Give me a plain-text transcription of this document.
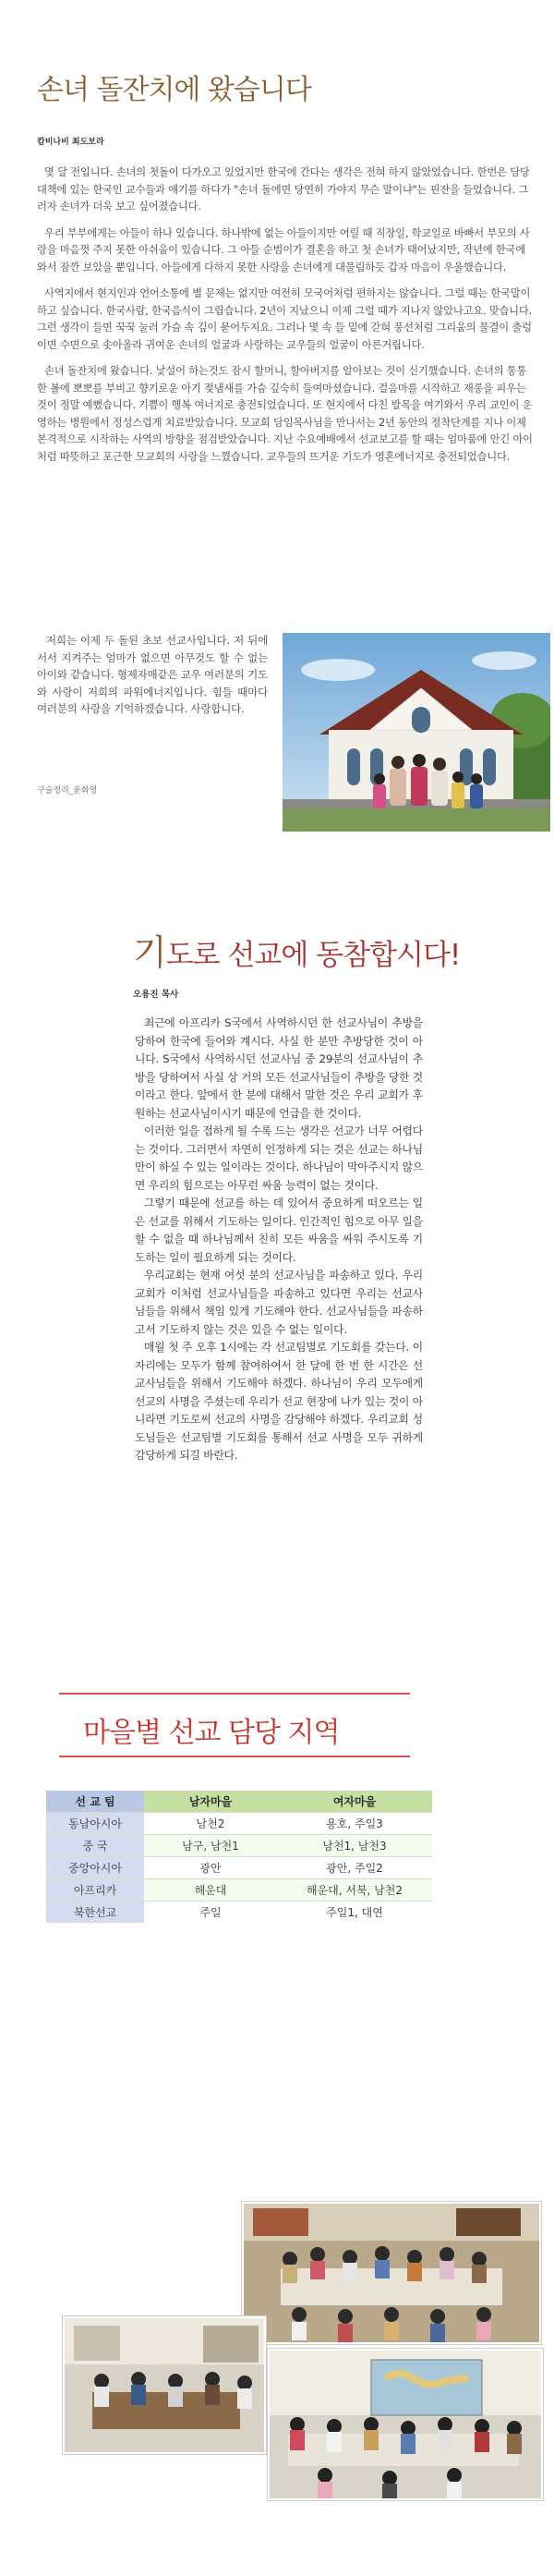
손녀 돌잔치에 왔습니다
캄비나비 최도보라

몇 달 전입니다. 손녀의 첫돌이 다가오고 있었지만 한국에 간다는 생각은 전혀 하지 않았었습니다. 한번은 담당대책에 있는 한국인 교수들과 얘기를 하다가 "손녀 돌에면 당연히 가야지 무슨 말이냐"는 핀잔을 들었습니다. 그러자 손녀가 더욱 보고 싶어졌습니다.

우리 부부에게는 아들이 하나 있습니다. 하나밖에 없는 아들이지만 어릴 때 직장일, 학교일로 바빠서 부모의 사랑을 마음껏 주지 못한 아쉬움이 있습니다. 그 아들 순범이가 결혼을 하고 첫 손녀가 태어났지만, 작년에 한국에 와서 잠깐 보았을 뿐입니다. 아들에게 다하지 못한 사랑을 손녀에게 대물림하듯 갑자 마음이 우울했습니다.

사역지에서 현지인과 언어소통에 별 문제는 없지만 여전히 모국어처럼 편하지는 않습니다. 그럴 때는 한국말이 하고 싶습니다. 한국사람, 한국음식이 그립습니다. 2년이 지났으니 이제 그럴 때가 지나지 않았나고요. 맞습니다. 그런 생각이 들면 꾹꾹 눌러 가슴 속 깊이 묻어두지요. 그러나 몇 속 들 밑에 갇혀 풍선처럼 그리움의 물결이 출렁이면 수면으로 솟아올라 귀여운 손녀의 얼굴과 사랑하는 교우들의 얼굴이 아른거립니다.

손녀 돌잔치에 왔습니다. 낯설어 하는것도 잠시 할머니, 할아버지를 알아보는 것이 신기했습니다. 손녀의 통통한 볼에 뽀뽀를 부비고 향기로운 아기 젖냄새를 가슴 깊숙히 들여마셨습니다. 걸음마를 시작하고 재롱을 피우는 것이 정말 예뻤습니다. 기쁨이 행복 여너지로 충전되었습니다. 또 현지에서 다친 발목을 여기와서 우리 교인이 운영하는 병원에서 정성스럽게 치료받았습니다. 모교회 담임목사님을 만나서는 2년 동안의 정착단계를 지나 이제 본격적으로 시작하는 사역의 방향을 점검받았습니다. 지난 수요예배에서 선교보고를 할 때는 엄마품에 안긴 아이처럼 따뜻하고 포근한 모교회의 사랑을 느꼈습니다. 교우들의 뜨거운 기도가 영혼에너지로 충전되었습니다.

저희는 이제 두 돌된 초보 선교사입니다. 저 뒤에 서서 지켜주는 엄마가 없으면 아무것도 할 수 없는 아이와 같습니다. 형제자매같은 교우 여러분의 기도와 사랑이 저희의 파워에너지입니다. 힘들 때마다 여러분의 사랑을 기억하겠습니다. 사랑합니다.

구술정리_윤화영
기도로 선교에 동참합시다!
오용진 목사

최근에 아프리카 S국에서 사역하시던 한 선교사님이 추방을 당하여 한국에 들어와 계시다. 사실 한 분만 추방당한 것이 아니다. S국에서 사역하시던 선교사님 중 29분의 선교사님이 추방을 당하여서 사실 상 거의 모든 선교사님들이 추방을 당한 것이라고 한다. 앞에서 한 분에 대해서 말한 것은 우리 교회가 후원하는 선교사님이시기 때문에 언급을 한 것이다.

이러한 일을 접하게 될 수록 드는 생각은 선교가 너무 어렵다는 것이다. 그러면서 자연히 인정하게 되는 것은 선교는 하나님만이 하실 수 있는 일이라는 것이다. 하나님이 막아주시지 않으면 우리의 힘으로는 아무런 싸움 능력이 없는 것이다.

그렇기 때문에 선교를 하는 데 있어서 중요하게 떠오르는 일은 선교를 위해서 기도하는 일이다. 인간적인 힘으로 아무 일을 할 수 없을 때 하나님께서 친히 모든 싸움을 싸워 주시도록 기도하는 일이 필요하게 되는 것이다.

우리교회는 현재 여섯 분의 선교사님을 파송하고 있다. 우리교회가 이처럼 선교사님들을 파송하고 있다면 우리는 선교사님들을 위해서 책임 있게 기도해야 한다. 선교사님들을 파송하고서 기도하지 않는 것은 있을 수 없는 일이다.

매월 첫 주 오후 1시에는 각 선교팀별로 기도회를 갖는다. 이 자리에는 모두가 함께 참여하여서 한 달에 한 번 한 시간은 선교사님들을 위해서 기도해야 하겠다. 하나님이 우리 모두에게 선교의 사명을 주셨는데 우리가 선교 현장에 나가 있는 것이 아니라면 기도로써 선교의 사명을 감당해야 하겠다. 우리교회 성도님들은 선교팀별 기도회를 통해서 선교 사명을 모두 귀하게 감당하게 되길 바란다.

마을별 선교 담당 지역
선 교 팀	남자마을	여자마을
동남아시아	남천2	용호, 주일3
중 국	남구, 남천1	남천1, 남천3
중앙아시아	광안	광안, 주일2
아프리카	해운대	해운대, 서북, 남천2
북한선교	주일	주일1, 대연
